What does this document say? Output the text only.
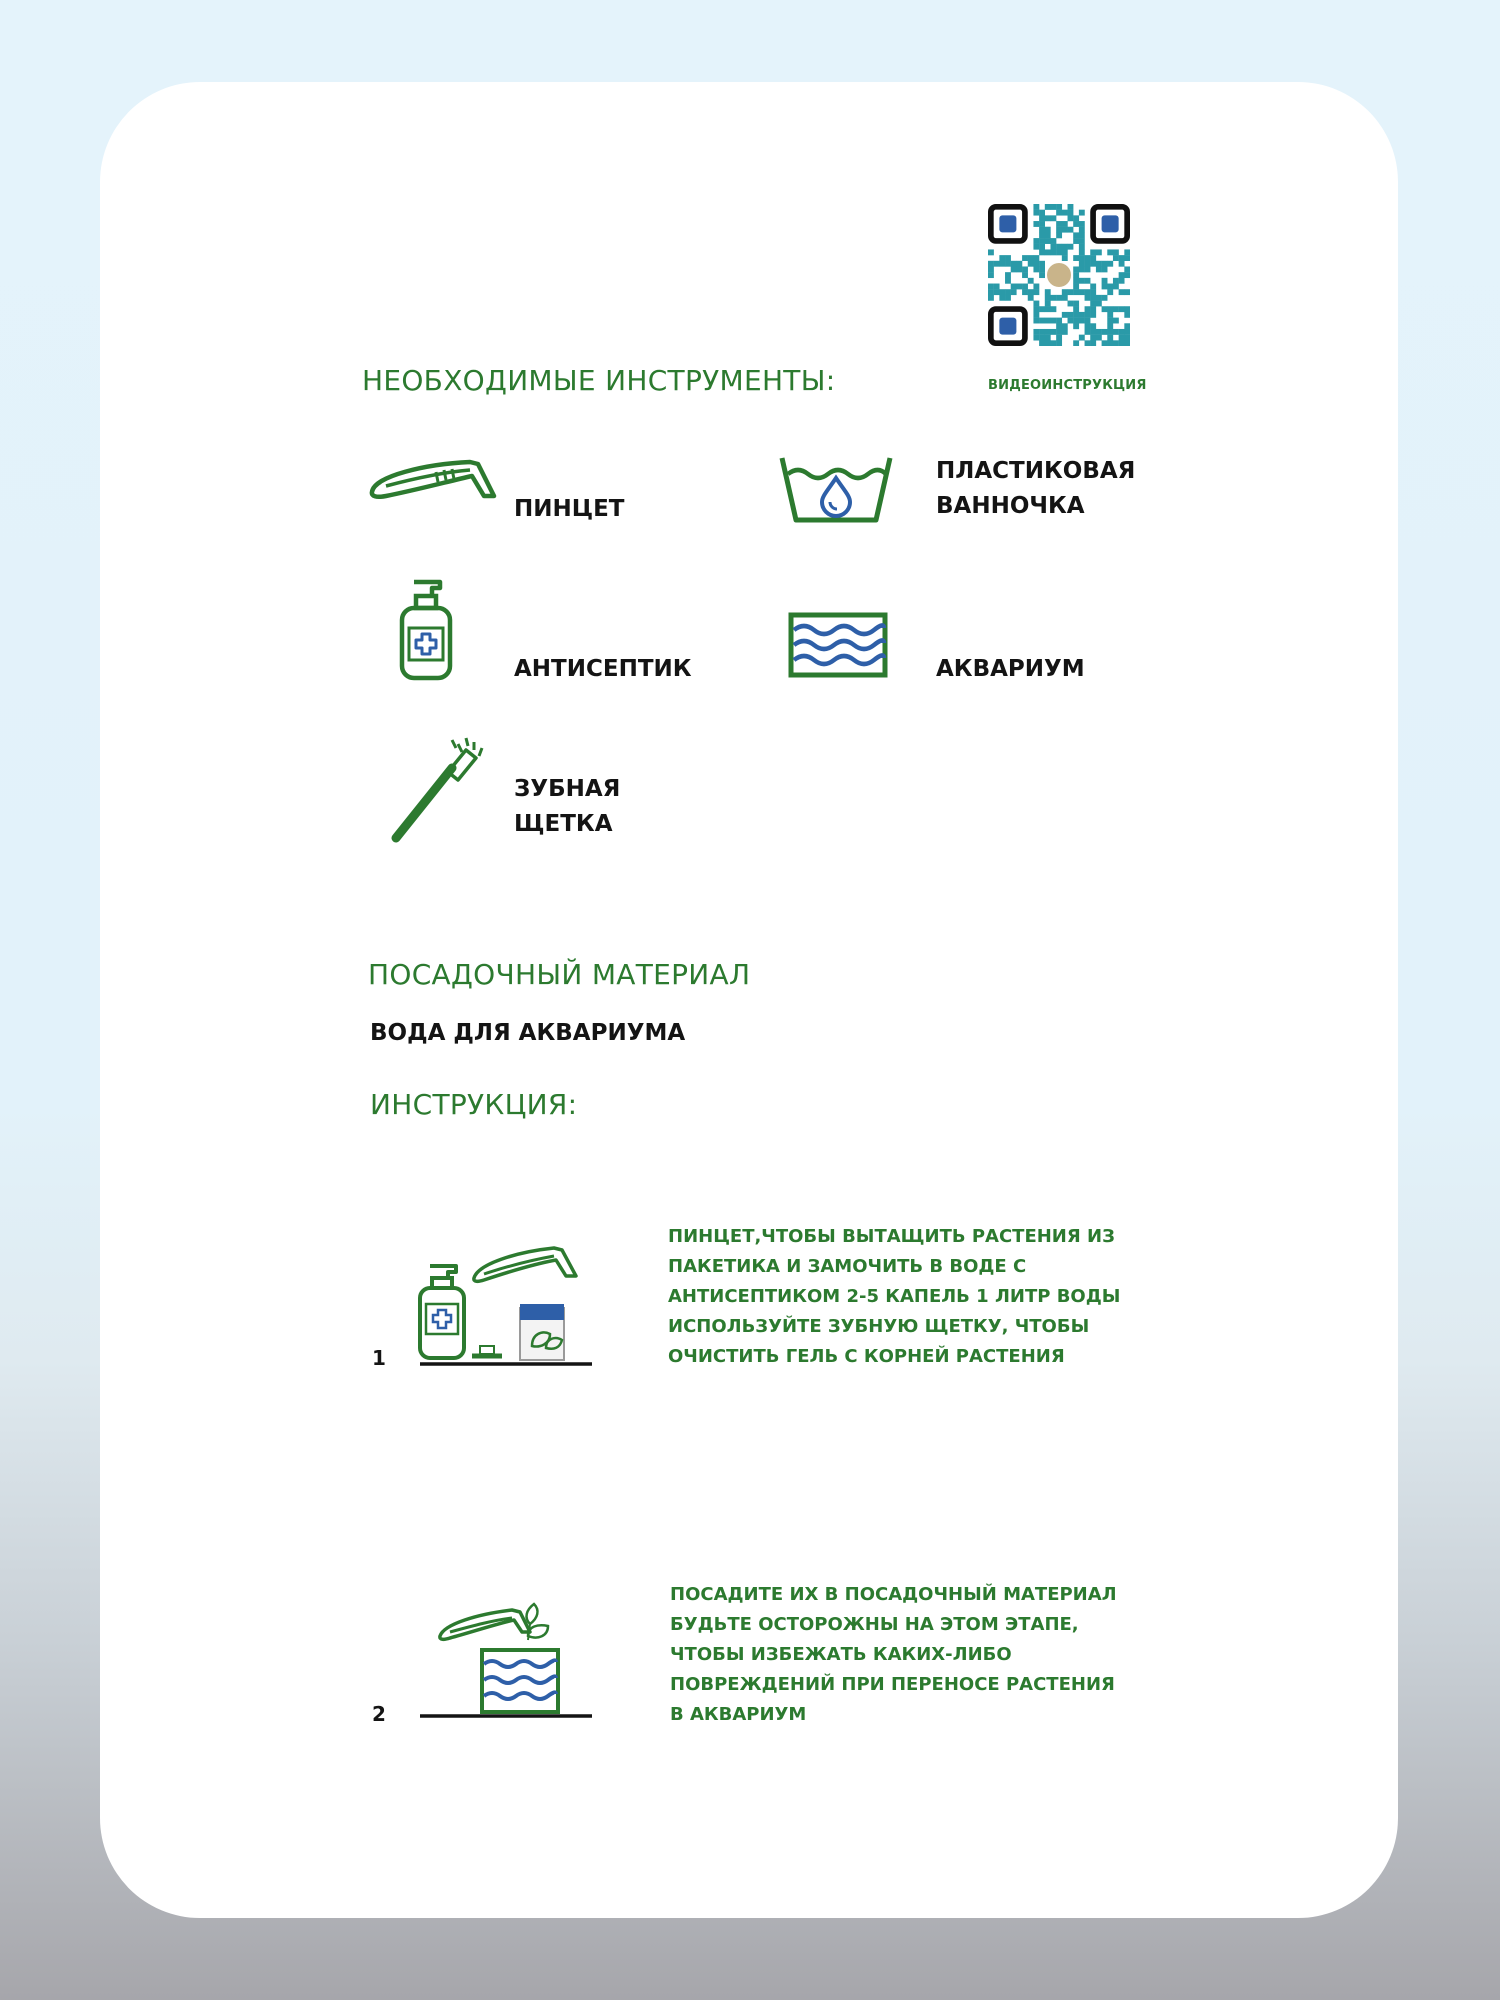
ВИДЕОИНСТРУКЦИЯ
НЕОБХОДИМЫЕ ИНСТРУМЕНТЫ:
ПИНЦЕТ
ПЛАСТИКОВАЯ
ВАННОЧКА
АНТИСЕПТИК	АКВАРИУМ
ЗУБНАЯ
ЩЕТКА
ПОСАДОЧНЫЙ МАТЕРИАЛ
ВОДА ДЛЯ АКВАРИУМА
ИНСТРУКЦИЯ:
1
ПИНЦЕТ,ЧТОБЫ ВЫТАЩИТЬ РАСТЕНИЯ ИЗ
ПАКЕТИКА И ЗАМОЧИТЬ В ВОДЕ С
АНТИСЕПТИКОМ 2-5 КАПЕЛЬ 1 ЛИТР ВОДЫ
ИСПОЛЬЗУЙТЕ ЗУБНУЮ ЩЕТКУ, ЧТОБЫ
ОЧИСТИТЬ ГЕЛЬ С КОРНЕЙ РАСТЕНИЯ
2
ПОСАДИТЕ ИХ В ПОСАДОЧНЫЙ МАТЕРИАЛ
БУДЬТЕ ОСТОРОЖНЫ НА ЭТОМ ЭТАПЕ,
ЧТОБЫ ИЗБЕЖАТЬ КАКИХ-ЛИБО
ПОВРЕЖДЕНИЙ ПРИ ПЕРЕНОСЕ РАСТЕНИЯ
В АКВАРИУМ
